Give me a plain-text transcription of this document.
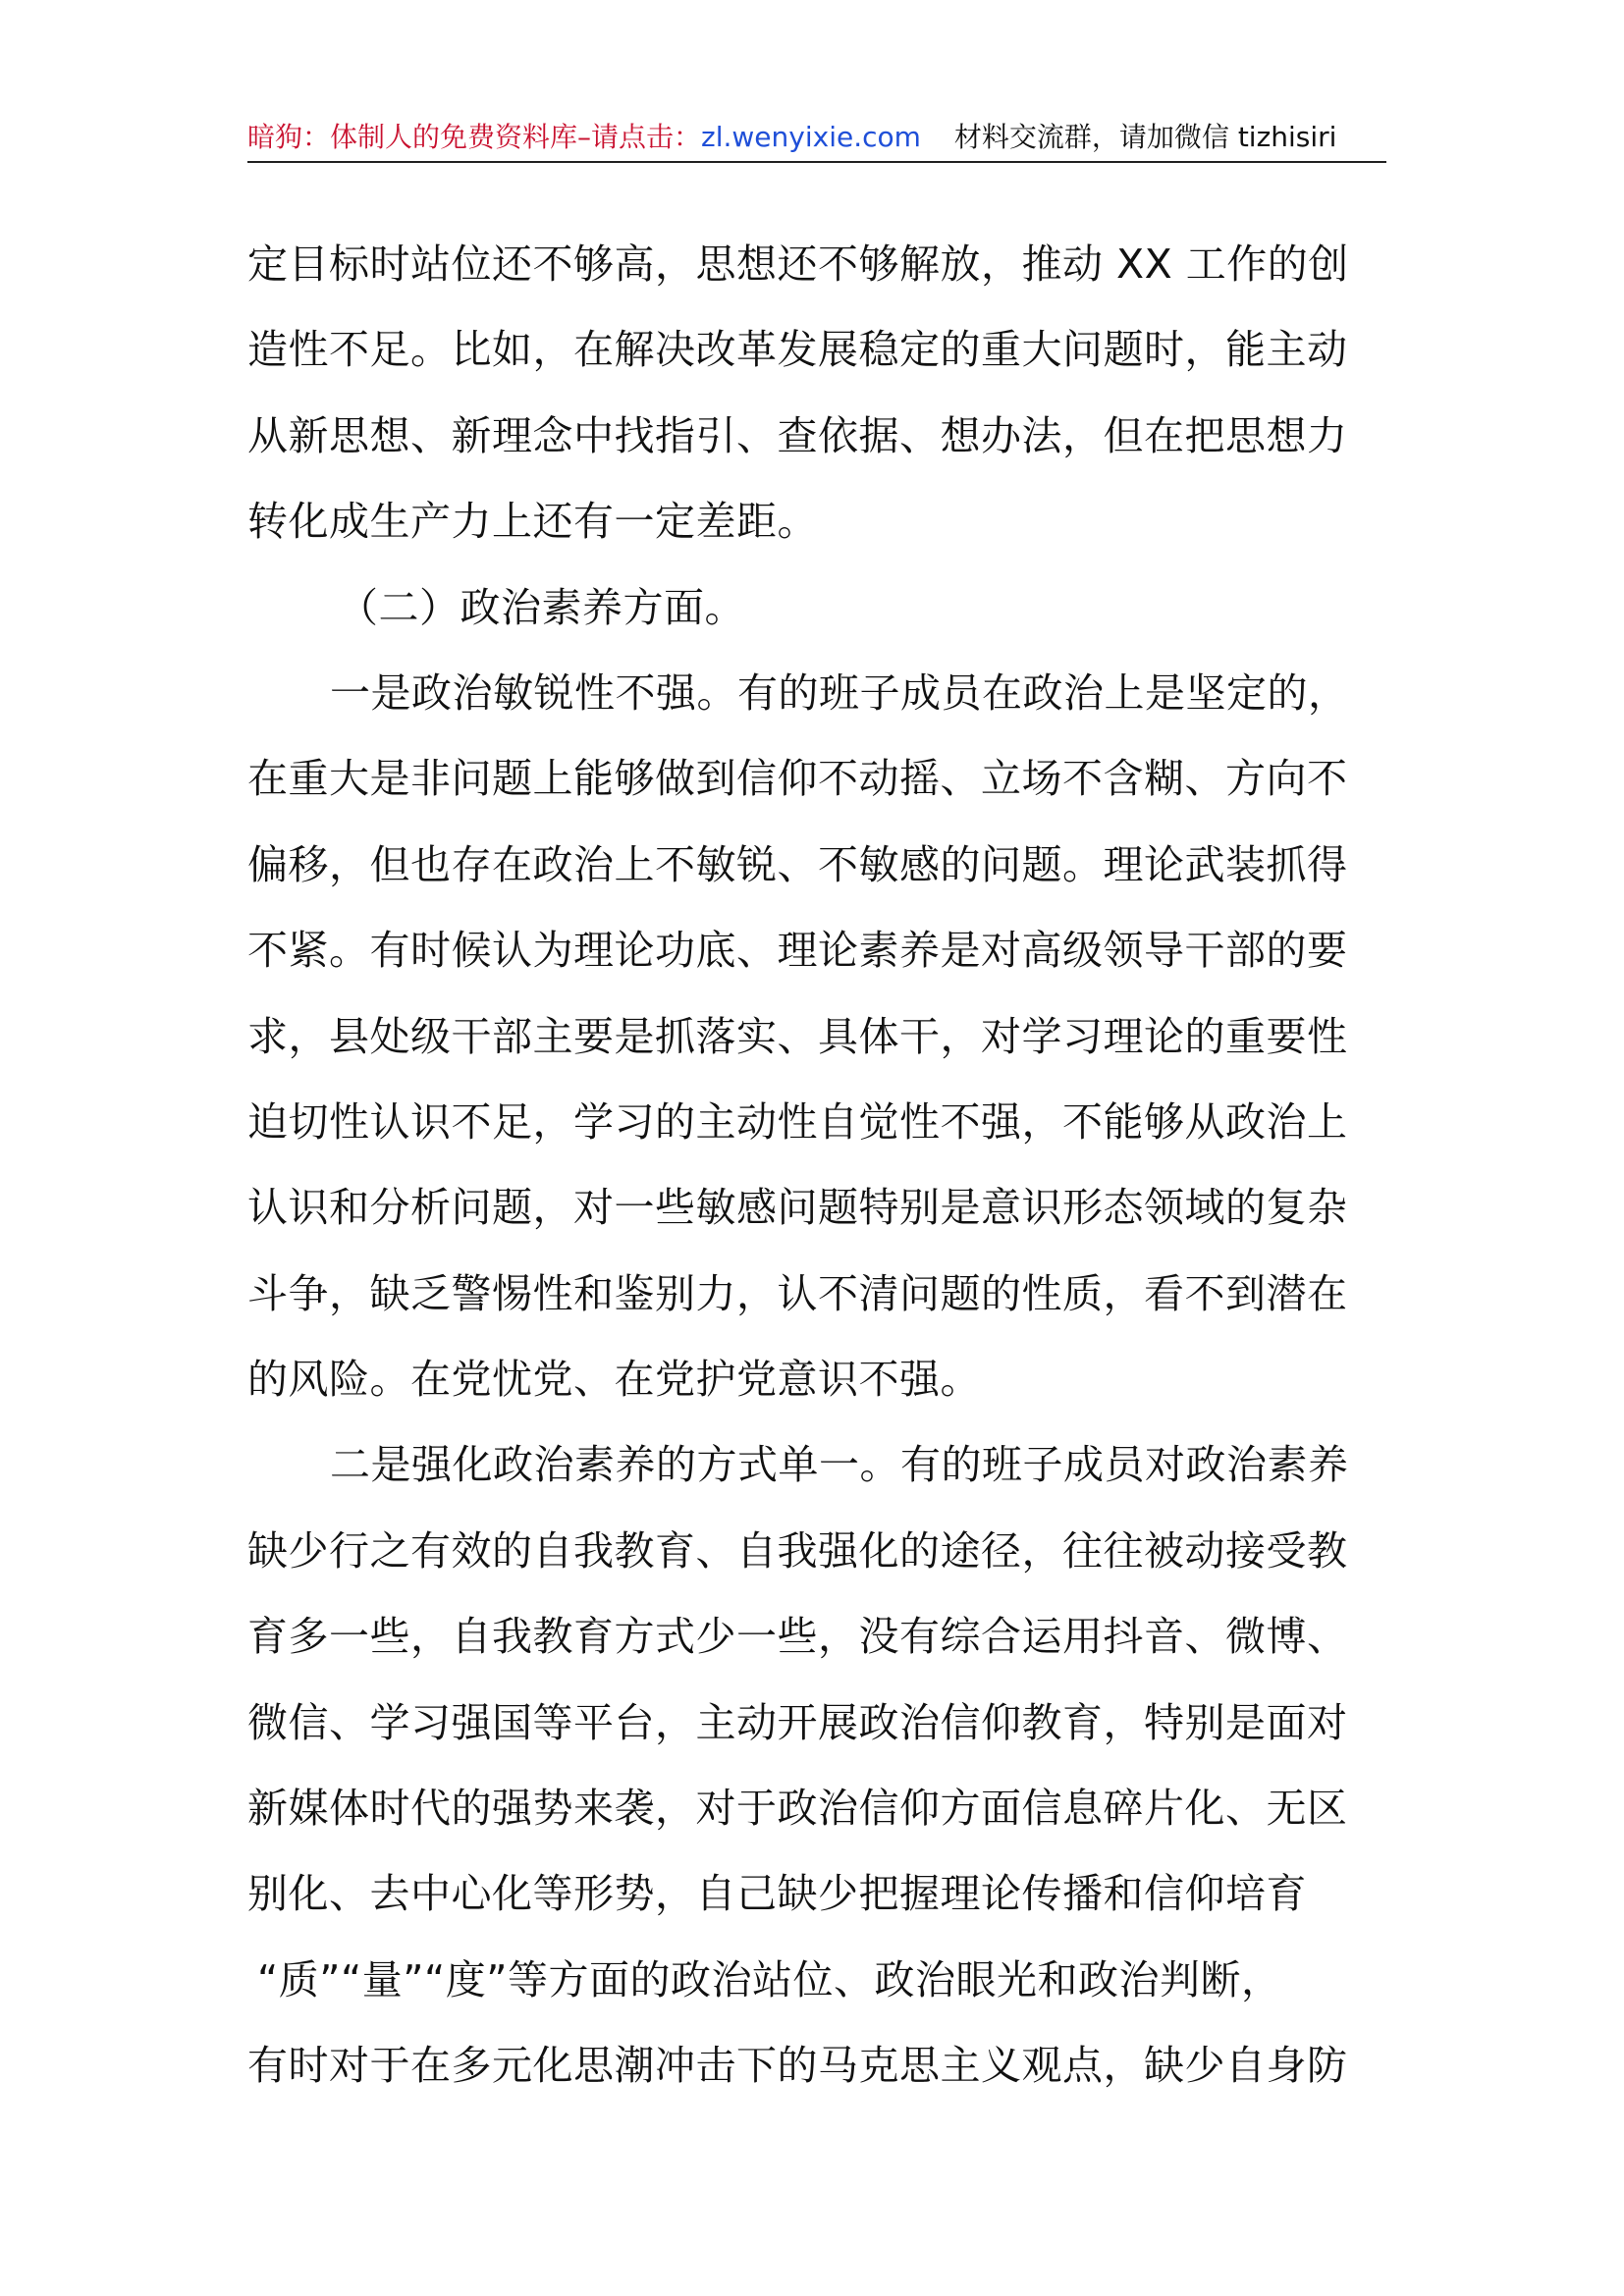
暗狗：体制人的免费资料库–请点击：zl.wenyixie.com 材料交流群，请加微信 tizhisiri
定目标时站位还不够高，思想还不够解放，推动 XX 工作的创
造性不足。比如，在解决改革发展稳定的重大问题时，能主动
从新思想、新理念中找指引、查依据、想办法，但在把思想力
转化成生产力上还有一定差距。
（二）政治素养方面。
一是政治敏锐性不强。有的班子成员在政治上是坚定的，
在重大是非问题上能够做到信仰不动摇、立场不含糊、方向不
偏移，但也存在政治上不敏锐、不敏感的问题。理论武装抓得
不紧。有时候认为理论功底、理论素养是对高级领导干部的要
求，县处级干部主要是抓落实、具体干，对学习理论的重要性
迫切性认识不足，学习的主动性自觉性不强，不能够从政治上
认识和分析问题，对一些敏感问题特别是意识形态领域的复杂
斗争，缺乏警惕性和鉴别力，认不清问题的性质，看不到潜在
的风险。在党忧党、在党护党意识不强。
二是强化政治素养的方式单一。有的班子成员对政治素养
缺少行之有效的自我教育、自我强化的途径，往往被动接受教
育多一些，自我教育方式少一些，没有综合运用抖音、微博、
微信、学习强国等平台，主动开展政治信仰教育，特别是面对
新媒体时代的强势来袭，对于政治信仰方面信息碎片化、无区
别化、去中心化等形势，自己缺少把握理论传播和信仰培育
“质”“量”“度”等方面的政治站位、政治眼光和政治判断，
有时对于在多元化思潮冲击下的马克思主义观点，缺少自身防
